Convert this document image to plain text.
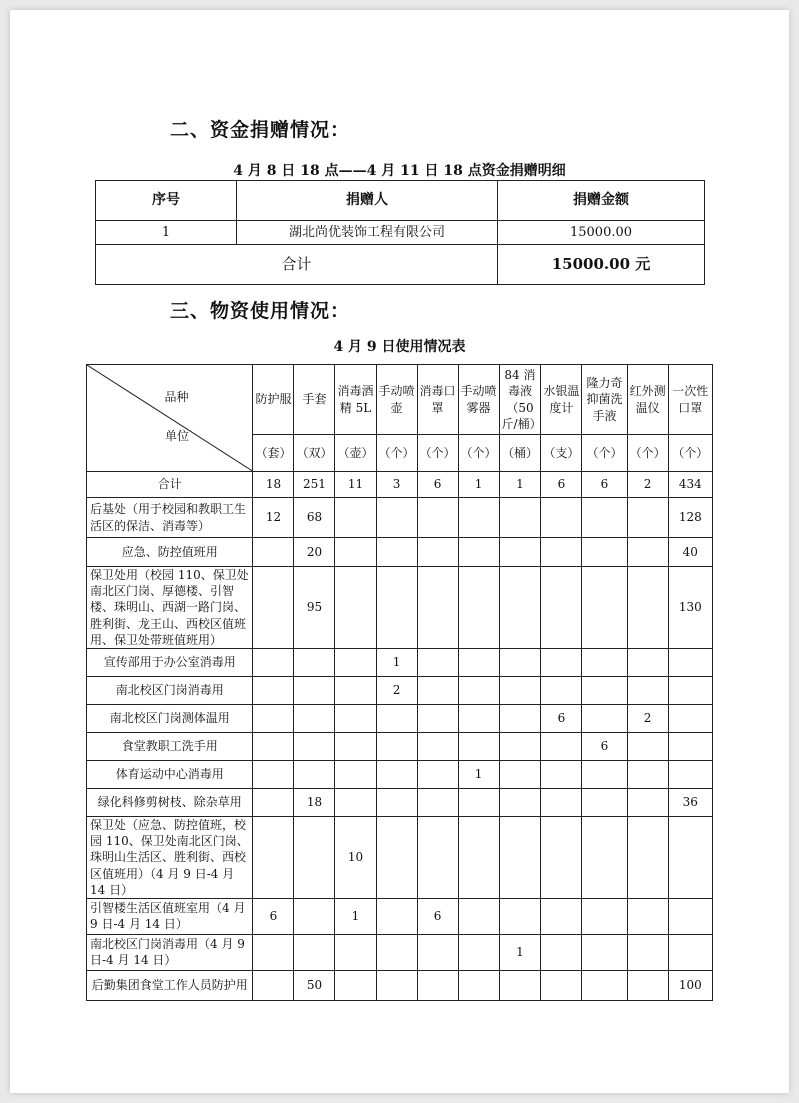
二、资金捐赠情况：
4 月 8 日 18 点——4 月 11 日 18 点资金捐赠明细
序号	捐赠人	捐赠金额
1	湖北尚优装饰工程有限公司	15000.00
合计		15000.00 元
三、物资使用情况：
4 月 9 日使用情况表
品种
单位	防护服	手套	消毒酒精 5L	手动喷壶	消毒口罩	手动喷雾器	84 消毒液（50 斤/桶）	水银温度计	隆力奇抑菌洗手液	红外测温仪	一次性口罩
	（套）	（双）	（壶）	（个）	（个）	（个）	（桶）	（支）	（个）	（个）	（个）
合计	18	251	11	3	6	1	1	6	6	2	434
后基处（用于校园和教职工生活区的保洁、消毒等）	12	68									128
应急、防控值班用		20									40
保卫处用（校园 110、保卫处南北区门岗、厚德楼、引智楼、珠明山、西湖一路门岗、胜利街、龙王山、西校区值班用、保卫处带班值班用）		95									130
宣传部用于办公室消毒用				1							
南北校区门岗消毒用				2							
南北校区门岗测体温用								6		2	
食堂教职工洗手用									6		
体育运动中心消毒用						1					
绿化科修剪树枝、除杂草用		18									36
保卫处（应急、防控值班，校园 110、保卫处南北区门岗、珠明山生活区、胜利街、西校区值班用）（4 月 9 日-4 月 14 日）			10								
引智楼生活区值班室用（4 月 9 日-4 月 14 日）	6		1		6						
南北校区门岗消毒用（4 月 9 日-4 月 14 日）							1				
后勤集团食堂工作人员防护用		50									100
